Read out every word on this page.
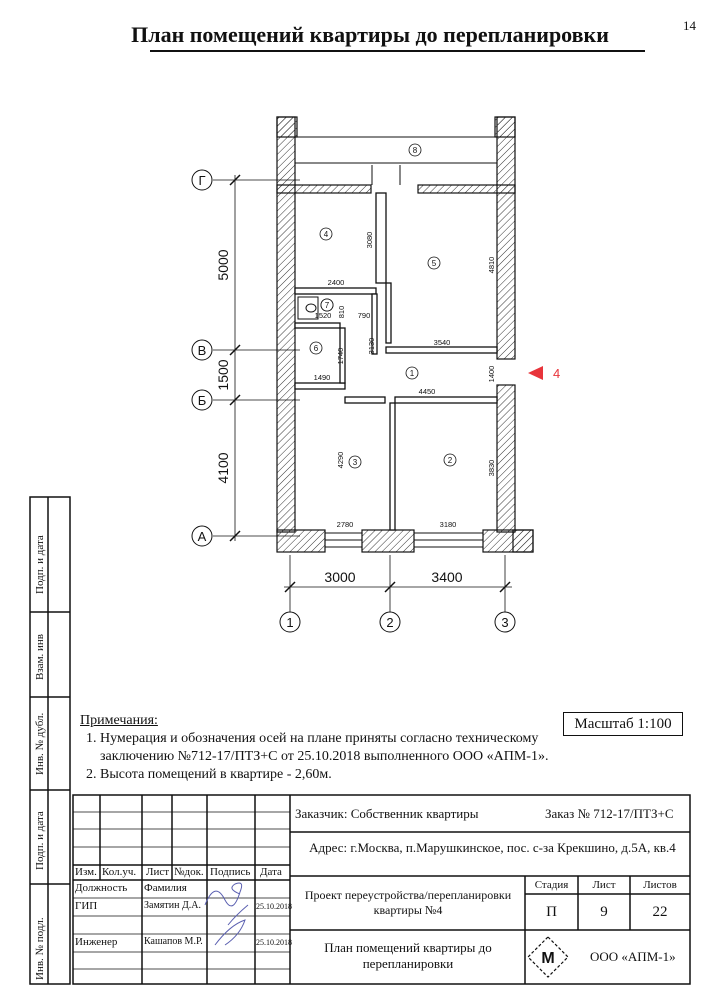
14
План помещений квартиры до перепланировки
Г
В
Б
А
1	2	3
5000
1500
4100
3000	3400
1
2
3
4
5
6
7
8
2400
3080
4810
1520 810 790
3130	3540
1740
1490	1400
4450
4290	3830
2780	3180
4
Примечания:
1. Нумерация и обозначения осей на плане приняты согласно техническому заключению №712-17/ПТЗ+С от 25.10.2018 выполненного ООО «АПМ-1».
2. Высота помещений в квартире - 2,60м.
Масштаб 1:100
М
Подп. и дата
Взам. инв
Инв. № дубл.
Подп. и дата
Инв. № подл.
Заказчик: Собственник квартиры	Заказ № 712-17/ПТЗ+С
Адрес: г.Москва, п.Марушкинское, пос. с-за Крекшино, д.5А, кв.4
Изм. Кол.уч. Лист №док. Подпись Дата
Должность Фамилия
ГИП	Замятин Д.А.	25.10.2018
Инженер	Кашапов М.Р.	25.10.2018
Проект переустройства/перепланировки квартиры №4
План помещений квартиры до перепланировки
Стадия	Лист	Листов
П	9	22
ООО «АПМ-1»
